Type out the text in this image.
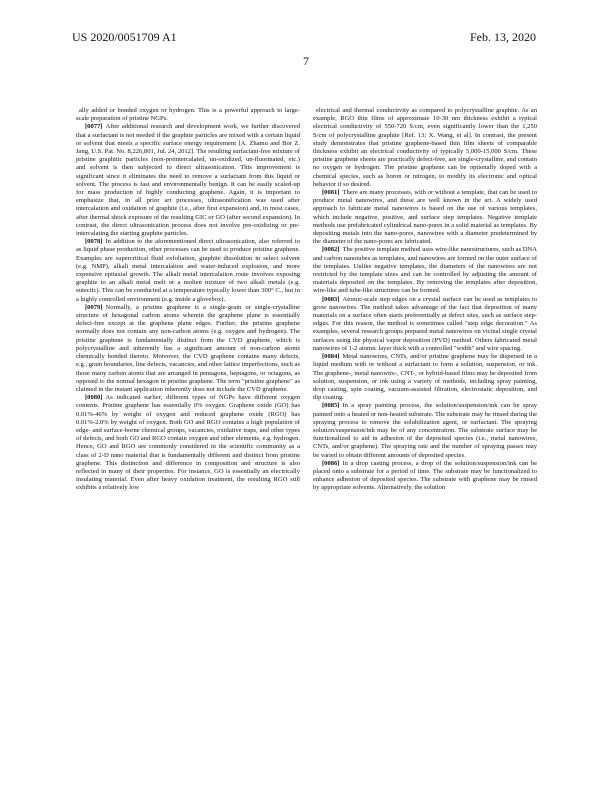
US 2020/0051709 A1	Feb. 13, 2020
7

ally added or bonded oxygen or hydrogen. This is a powerful approach to large-scale preparation of pristine NGPs.

[0077] After additional research and development work, we further discovered that a surfactant is not needed if the graphite particles are mixed with a certain liquid or solvent that meets a specific surface energy requirement [A. Zhamu and Bor Z. Jang, U.S. Pat. No. 8,226,801, Jul. 24, 2012]. The resulting surfactant-free mixture of pristine graphitic particles (non-preintercalated, un-oxidized, un-fluorinated, etc.) and solvent is then subjected to direct ultrasonication. This improvement is significant since it eliminates the need to remove a surfactant from this liquid or solvent. The process is fast and environmentally benign. It can be easily scaled-up for mass production of highly conducting graphene. Again, it is important to emphasize that, in all prior art processes, ultrasonification was used after intercalation and oxidation of graphite (i.e., after first expansion) and, in most cases, after thermal shock exposure of the resulting GIC or GO (after second expansion). In contrast, the direct ultrasonication process does not involve pre-oxidizing or pre-intercalating the starting graphite particles.

[0078] In addition to the aforementioned direct ultrasonication, also referred to as liquid phase production, other processes can be used to produce pristine graphene. Examples are supercritical fluid exfoliation, graphite dissolution in select solvent (e.g. NMP), alkali metal intercalation and water-induced explosion, and more expensive epitaxial growth. The alkali metal intercalation route involves exposing graphite to an alkali metal melt or a molten mixture of two alkali metals (e.g. eutectic). This can be conducted at a temperature typically lower than 300° C., but in a highly controlled environment (e.g. inside a glovebox).

[0079] Normally, a pristine graphene is a single-grain or single-crystalline structure of hexagonal carbon atoms wherein the graphene plane is essentially defect-free except at the graphene plane edges. Further, the pristine graphene normally does not contain any non-carbon atoms (e.g. oxygen and hydrogen). The pristine graphene is fundamentally distinct from the CVD graphene, which is polycrystalline and inherently has a significant amount of non-carbon atoms chemically bonded thereto. Moreover, the CVD graphene contains many defects, e.g., grain boundaries, line defects, vacancies, and other lattice imperfections, such as those many carbon atoms that are arranged in pentagons, heptagons, or octagons, as opposed to the normal hexagon in pristine graphene. The term "pristine graphene" as claimed in the instant application inherently does not include the CVD graphene.

[0080] As indicated earlier, different types of NGPs have different oxygen contents. Pristine graphene has essentially 0% oxygen. Graphene oxide (GO) has 0.01%-46% by weight of oxygen and reduced graphene oxide (RGO) has 0.01%-2.0% by weight of oxygen. Both GO and RGO contains a high population of edge- and surface-borne chemical groups, vacancies, oxidative traps, and other types of defects, and both GO and RGO contain oxygen and other elements, e.g. hydrogen. Hence, GO and RGO are commonly considered in the scientific community as a class of 2-D nano material that is fundamentally different and distinct from pristine graphene. This distinction and difference in composition and structure is also reflected in many of their properties. For instance, GO is essentially an electrically insulating material. Even after heavy oxidation treatment, the resulting RGO still exhibits a relatively low

electrical and thermal conductivity as compared to polycrystalline graphite. As an example, RGO thin films of approximate 10-30 nm thickness exhibit a typical electrical conductivity of 550-720 S/cm, even significantly lower than the 1,250 S/cm of polycrystalline graphite [Ref. 13; X. Wang, et al]. In contrast, the present study demonstrates that pristine graphene-based thin film sheets of comparable thickness exhibit an electrical conductivity of typically 5,000-15,000 S/cm. These pristine graphene sheets are practically defect-free, are single-crystalline, and contain no oxygen or hydrogen. The pristine graphene can be optionally doped with a chemical species, such as boron or nitrogen, to modify its electronic and optical behavior if so desired.

[0081] There are many processes, with or without a template, that can be used to produce metal nanowires, and these are well known in the art. A widely used approach to fabricate metal nanowires is based on the use of various templates, which include negative, positive, and surface step templates. Negative template methods use prefabricated cylindrical nano-pores in a solid material as templates. By depositing metals into the nano-pores, nanowires with a diameter predetermined by the diameter of the nano-pores are fabricated.

[0082] The positive template method uses wire-like nanostructures, such as DNA and carbon nanotubes as templates, and nanowires are formed on the outer surface of the templates. Unlike negative templates, the diameters of the nanowires are not restricted by the template sizes and can be controlled by adjusting the amount of materials deposited on the templates. By removing the templates after deposition, wire-like and tube-like structures can be formed.

[0083] Atomic-scale step edges on a crystal surface can be used as templates to grow nanowires. The method takes advantage of the fact that deposition of many materials on a surface often starts preferentially at defect sites, such as surface step-edges. For this reason, the method is sometimes called "step edge decoration." As examples, several research groups prepared metal nanowires on vicinal single crystal surfaces using the physical vapor deposition (PVD) method. Others fabricated metal nanowires of 1-2 atomic layer thick with a controlled "width" and wire spacing.

[0084] Metal nanowires, CNTs, and/or pristine graphene may be dispersed in a liquid medium with or without a surfactant to form a solution, suspension, or ink. The graphene-, metal nanowire-, CNT-, or hybrid-based films may be deposited from solution, suspension, or ink using a variety of methods, including spray painting, drop casting, spin coating, vacuum-assisted filtration, electrostatic deposition, and dip coating.

[0085] In a spray painting process, the solution/suspension/ink can be spray painted onto a heated or non-heated substrate. The substrate may be rinsed during the spraying process to remove the solubilization agent, or surfactant. The spraying solution/suspension/ink may be of any concentration. The substrate surface may be functionalized to aid in adhesion of the deposited species (i.e., metal nanowires, CNTs, and/or graphene). The spraying rate and the number of spraying passes may be varied to obtain different amounts of deposited species.

[0086] In a drop casting process, a drop of the solution/suspension/ink can be placed onto a substrate for a period of time. The substrate may be functionalized to enhance adhesion of deposited species. The substrate with graphene may be rinsed by appropriate solvents. Alternatively, the solution
